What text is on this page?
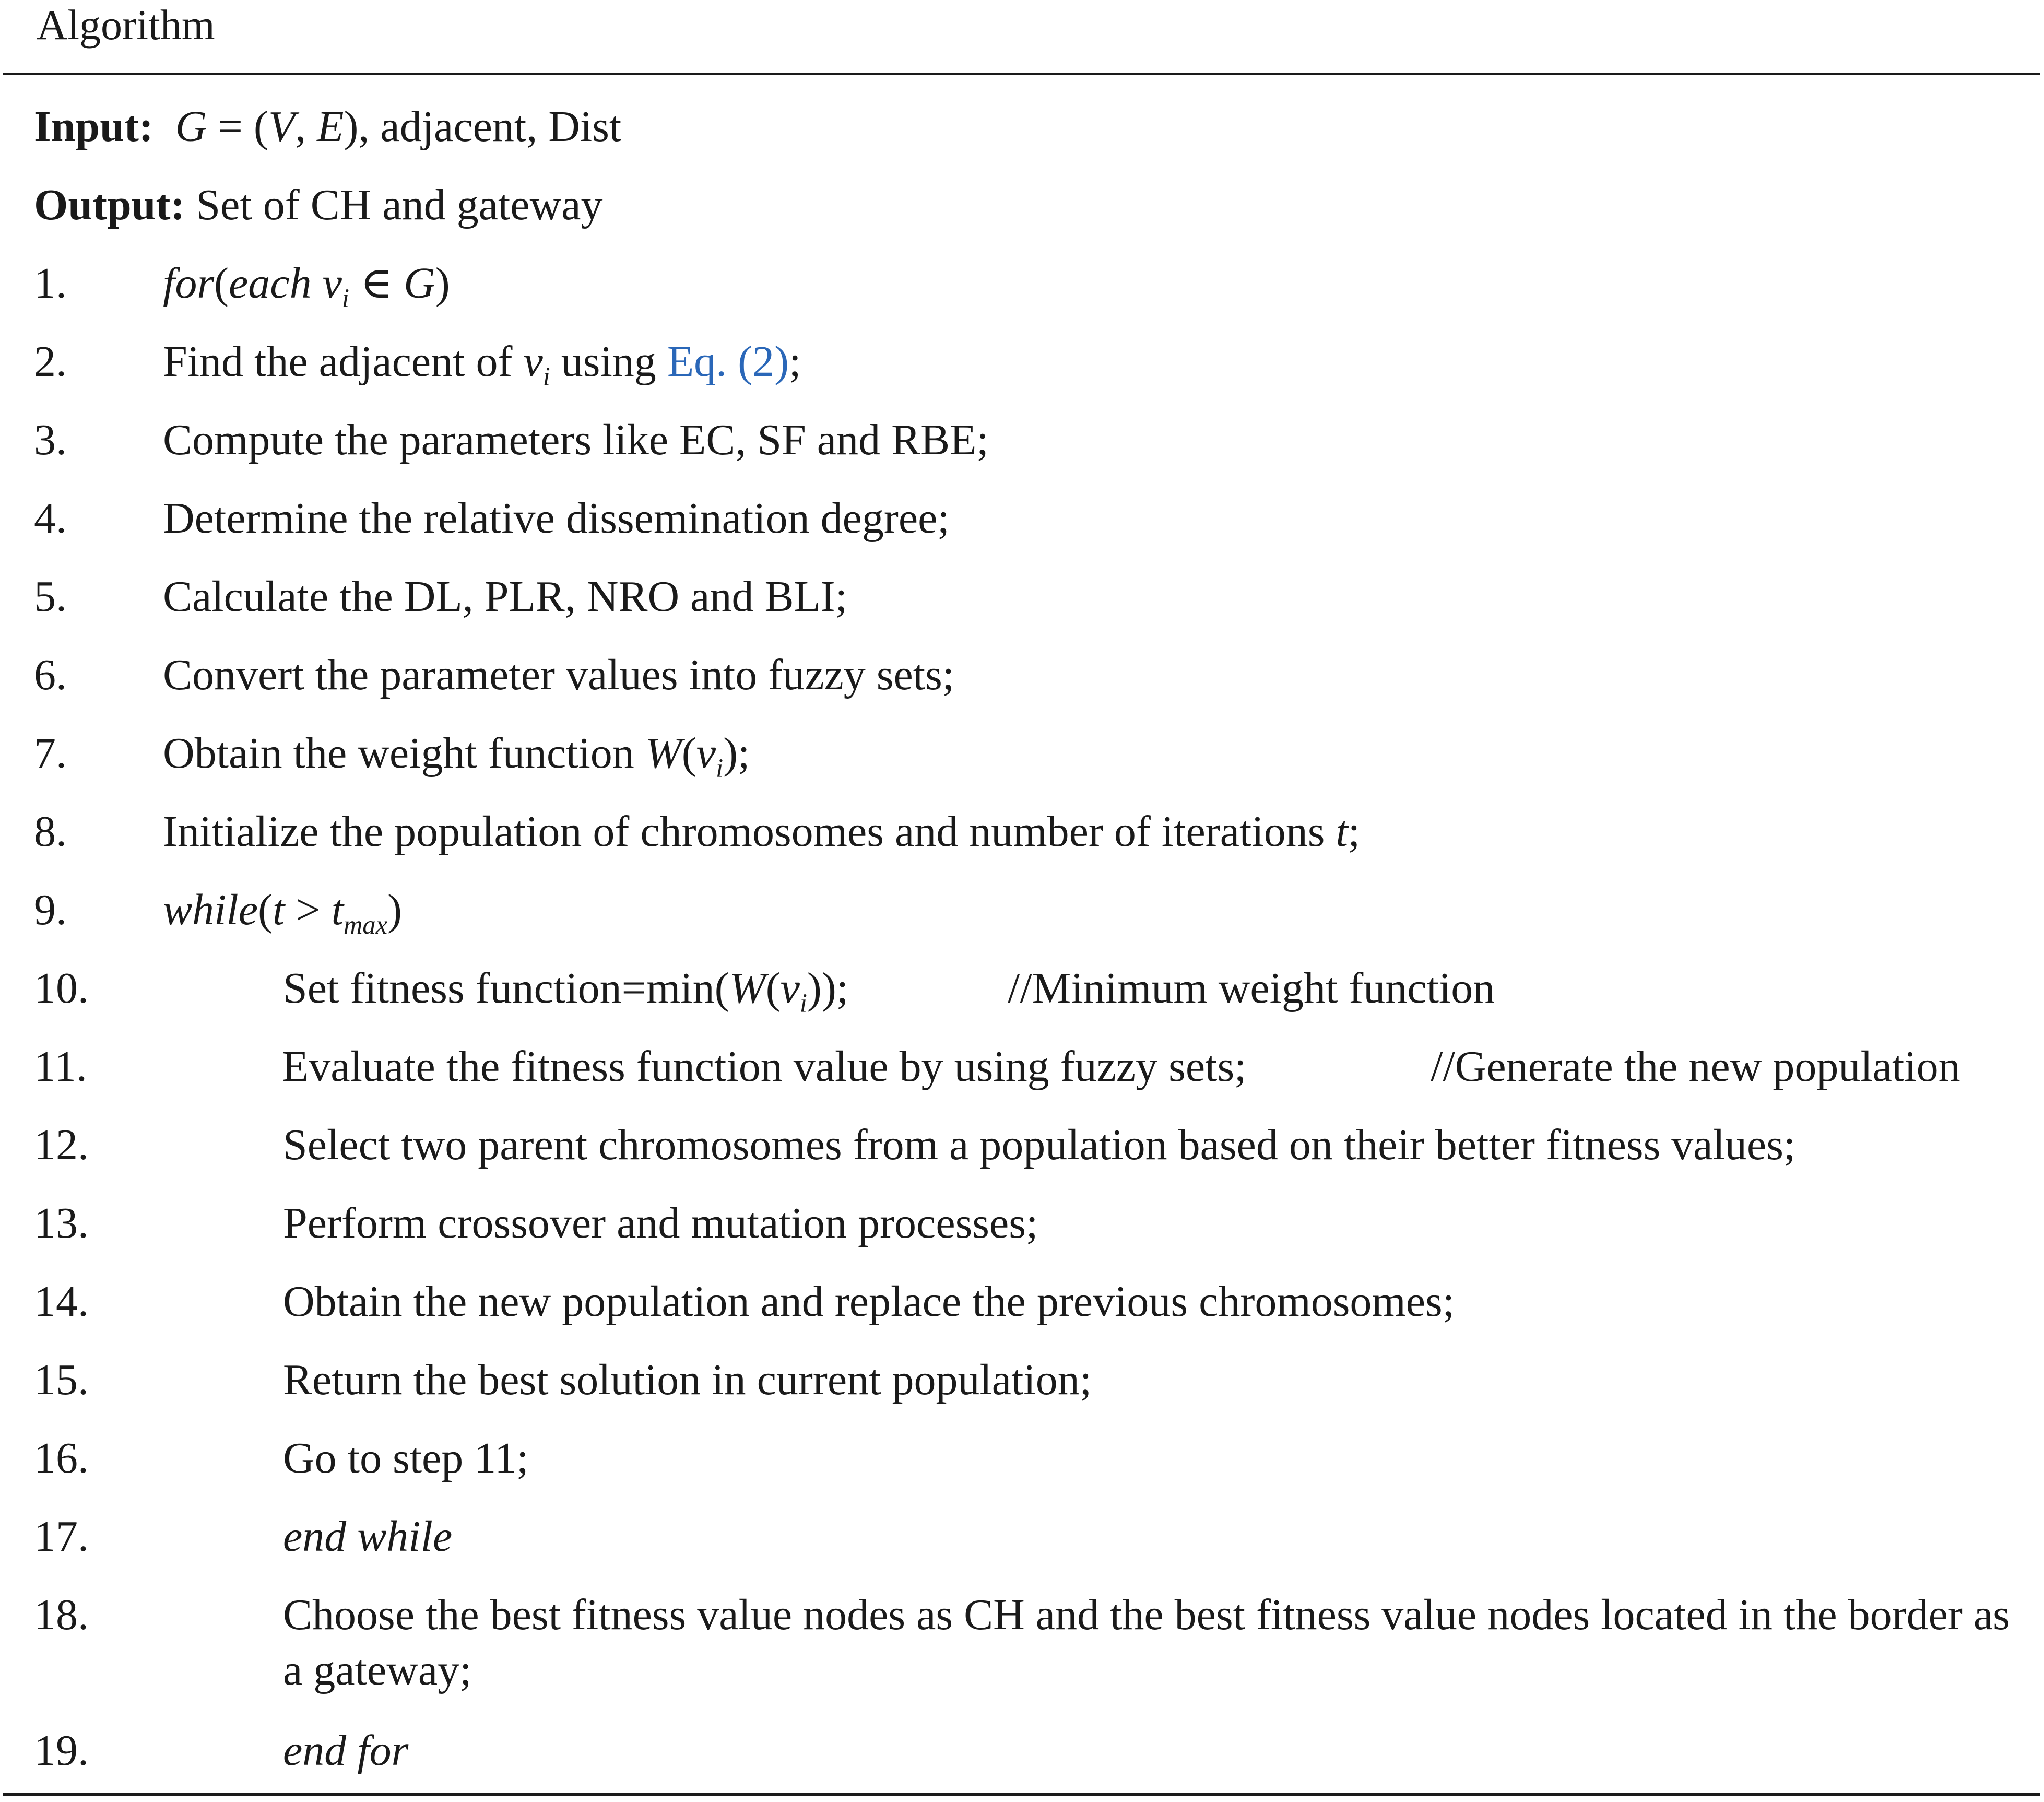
Algorithm
Input: G = (V, E), adjacent, Dist
Output: Set of CH and gateway
1. for(each $v_i$ ∈ G)
2. Find the adjacent of $v_i$ using Eq. (2);
3. Compute the parameters like EC, SF and RBE;
4. Determine the relative dissemination degree;
5. Calculate the DL, PLR, NRO and BLI;
6. Convert the parameter values into fuzzy sets;
7. Obtain the weight function $W(v_i)$;
8. Initialize the population of chromosomes and number of iterations t;
9. while(t > $t_{max}$)
10.	Set fitness $function=\min(W(v_i))$;	//Minimum weight function
11.	Evaluate the fitness function value by using fuzzy sets;	//Generate the new population
12.	Select two parent chromosomes from a population based on their better fitness values;
13.	Perform crossover and mutation processes;
14.	Obtain the new population and replace the previous chromosomes;
15.	Return the best solution in current population;
16.	Go to step 11;
17.	end while
18.	Choose the best fitness value nodes as CH and the best fitness value nodes located in the border as a gateway;
19.	end for
